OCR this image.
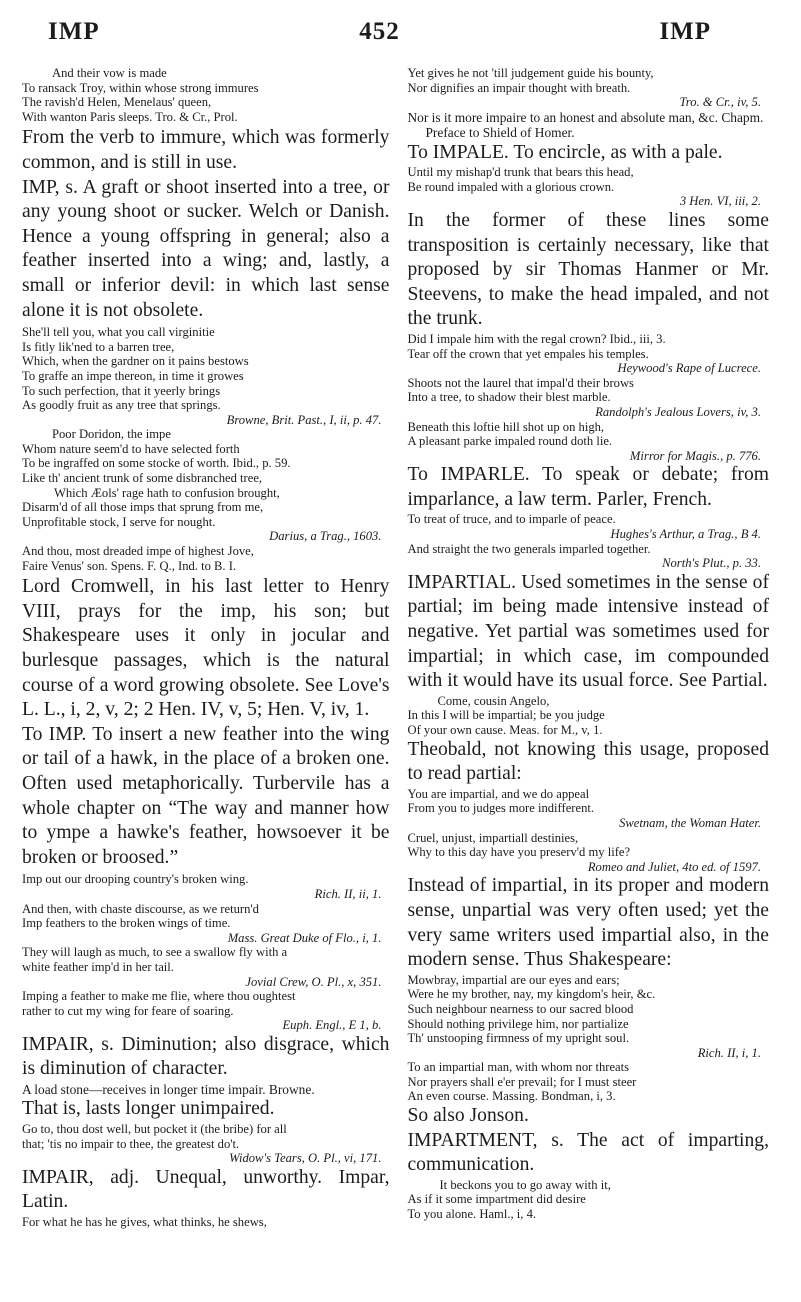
IMP	452	IMP

And their vow is made

To ransack Troy, within whose strong immures

The ravish'd Helen, Menelaus' queen,

With wanton Paris sleeps. Tro. & Cr., Prol.

From the verb to immure, which was formerly common, and is still in use.

IMP, s. A graft or shoot inserted into a tree, or any young shoot or sucker. Welch or Danish. Hence a young offspring in general; also a feather inserted into a wing; and, lastly, a small or inferior devil: in which last sense alone it is not obsolete.

She'll tell you, what you call virginitie

Is fitly lik'ned to a barren tree,

Which, when the gardner on it pains bestows

To graffe an impe thereon, in time it growes

To such perfection, that it yeerly brings

As goodly fruit as any tree that springs.

Browne, Brit. Past., I, ii, p. 47.

Poor Doridon, the impe

Whom nature seem'd to have selected forth

To be ingraffed on some stocke of worth. Ibid., p. 59.

Like th' ancient trunk of some disbranched tree,

Which Æols' rage hath to confusion brought,

Disarm'd of all those imps that sprung from me,

Unprofitable stock, I serve for nought.

Darius, a Trag., 1603.

And thou, most dreaded impe of highest Jove,

Faire Venus' son. Spens. F. Q., Ind. to B. I.

Lord Cromwell, in his last letter to Henry VIII, prays for the imp, his son; but Shakespeare uses it only in jocular and burlesque passages, which is the natural course of a word growing obsolete. See Love's L. L., i, 2, v, 2; 2 Hen. IV, v, 5; Hen. V, iv, 1.

To IMP. To insert a new feather into the wing or tail of a hawk, in the place of a broken one. Often used metaphorically. Turbervile has a whole chapter on “The way and manner how to ympe a hawke's feather, howsoever it be broken or broosed.”

Imp out our drooping country's broken wing.

Rich. II, ii, 1.

And then, with chaste discourse, as we return'd

Imp feathers to the broken wings of time.

Mass. Great Duke of Flo., i, 1.

They will laugh as much, to see a swallow fly with a

white feather imp'd in her tail.

Jovial Crew, O. Pl., x, 351.

Imping a feather to make me flie, where thou oughtest

rather to cut my wing for feare of soaring.

Euph. Engl., E 1, b.

IMPAIR, s. Diminution; also disgrace, which is diminution of character.

A load stone—receives in longer time impair. Browne.

That is, lasts longer unimpaired.

Go to, thou dost well, but pocket it (the bribe) for all

that; 'tis no impair to thee, the greatest do't.

Widow's Tears, O. Pl., vi, 171.

IMPAIR, adj. Unequal, unworthy. Impar, Latin.

For what he has he gives, what thinks, he shews,

Yet gives he not 'till judgement guide his bounty,

Nor dignifies an impair thought with breath.

Tro. & Cr., iv, 5.

Nor is it more impaire to an honest and absolute man, &c. Chapm. Preface to Shield of Homer.

To IMPALE. To encircle, as with a pale.

Until my mishap'd trunk that bears this head,

Be round impaled with a glorious crown.

3 Hen. VI, iii, 2.

In the former of these lines some transposition is certainly necessary, like that proposed by sir Thomas Hanmer or Mr. Steevens, to make the head impaled, and not the trunk.

Did I impale him with the regal crown? Ibid., iii, 3.

Tear off the crown that yet empales his temples.

Heywood's Rape of Lucrece.

Shoots not the laurel that impal'd their brows

Into a tree, to shadow their blest marble.

Randolph's Jealous Lovers, iv, 3.

Beneath this loftie hill shot up on high,

A pleasant parke impaled round doth lie.

Mirror for Magis., p. 776.

To IMPARLE. To speak or debate; from imparlance, a law term. Parler, French.

To treat of truce, and to imparle of peace.

Hughes's Arthur, a Trag., B 4.

And straight the two generals imparled together.

North's Plut., p. 33.

IMPARTIAL. Used sometimes in the sense of partial; im being made intensive instead of negative. Yet partial was sometimes used for impartial; in which case, im compounded with it would have its usual force. See Partial.

Come, cousin Angelo,

In this I will be impartial; be you judge

Of your own cause. Meas. for M., v, 1.

Theobald, not knowing this usage, proposed to read partial:

You are impartial, and we do appeal

From you to judges more indifferent.

Swetnam, the Woman Hater.

Cruel, unjust, impartiall destinies,

Why to this day have you preserv'd my life?

Romeo and Juliet, 4to ed. of 1597.

Instead of impartial, in its proper and modern sense, unpartial was very often used; yet the very same writers used impartial also, in the modern sense. Thus Shakespeare:

Mowbray, impartial are our eyes and ears;

Were he my brother, nay, my kingdom's heir, &c.

Such neighbour nearness to our sacred blood

Should nothing privilege him, nor partialize

Th' unstooping firmness of my upright soul.

Rich. II, i, 1.

To an impartial man, with whom nor threats

Nor prayers shall e'er prevail; for I must steer

An even course. Massing. Bondman, i, 3.

So also Jonson.

IMPARTMENT, s. The act of imparting, communication.

It beckons you to go away with it,

As if it some impartment did desire

To you alone. Haml., i, 4.
